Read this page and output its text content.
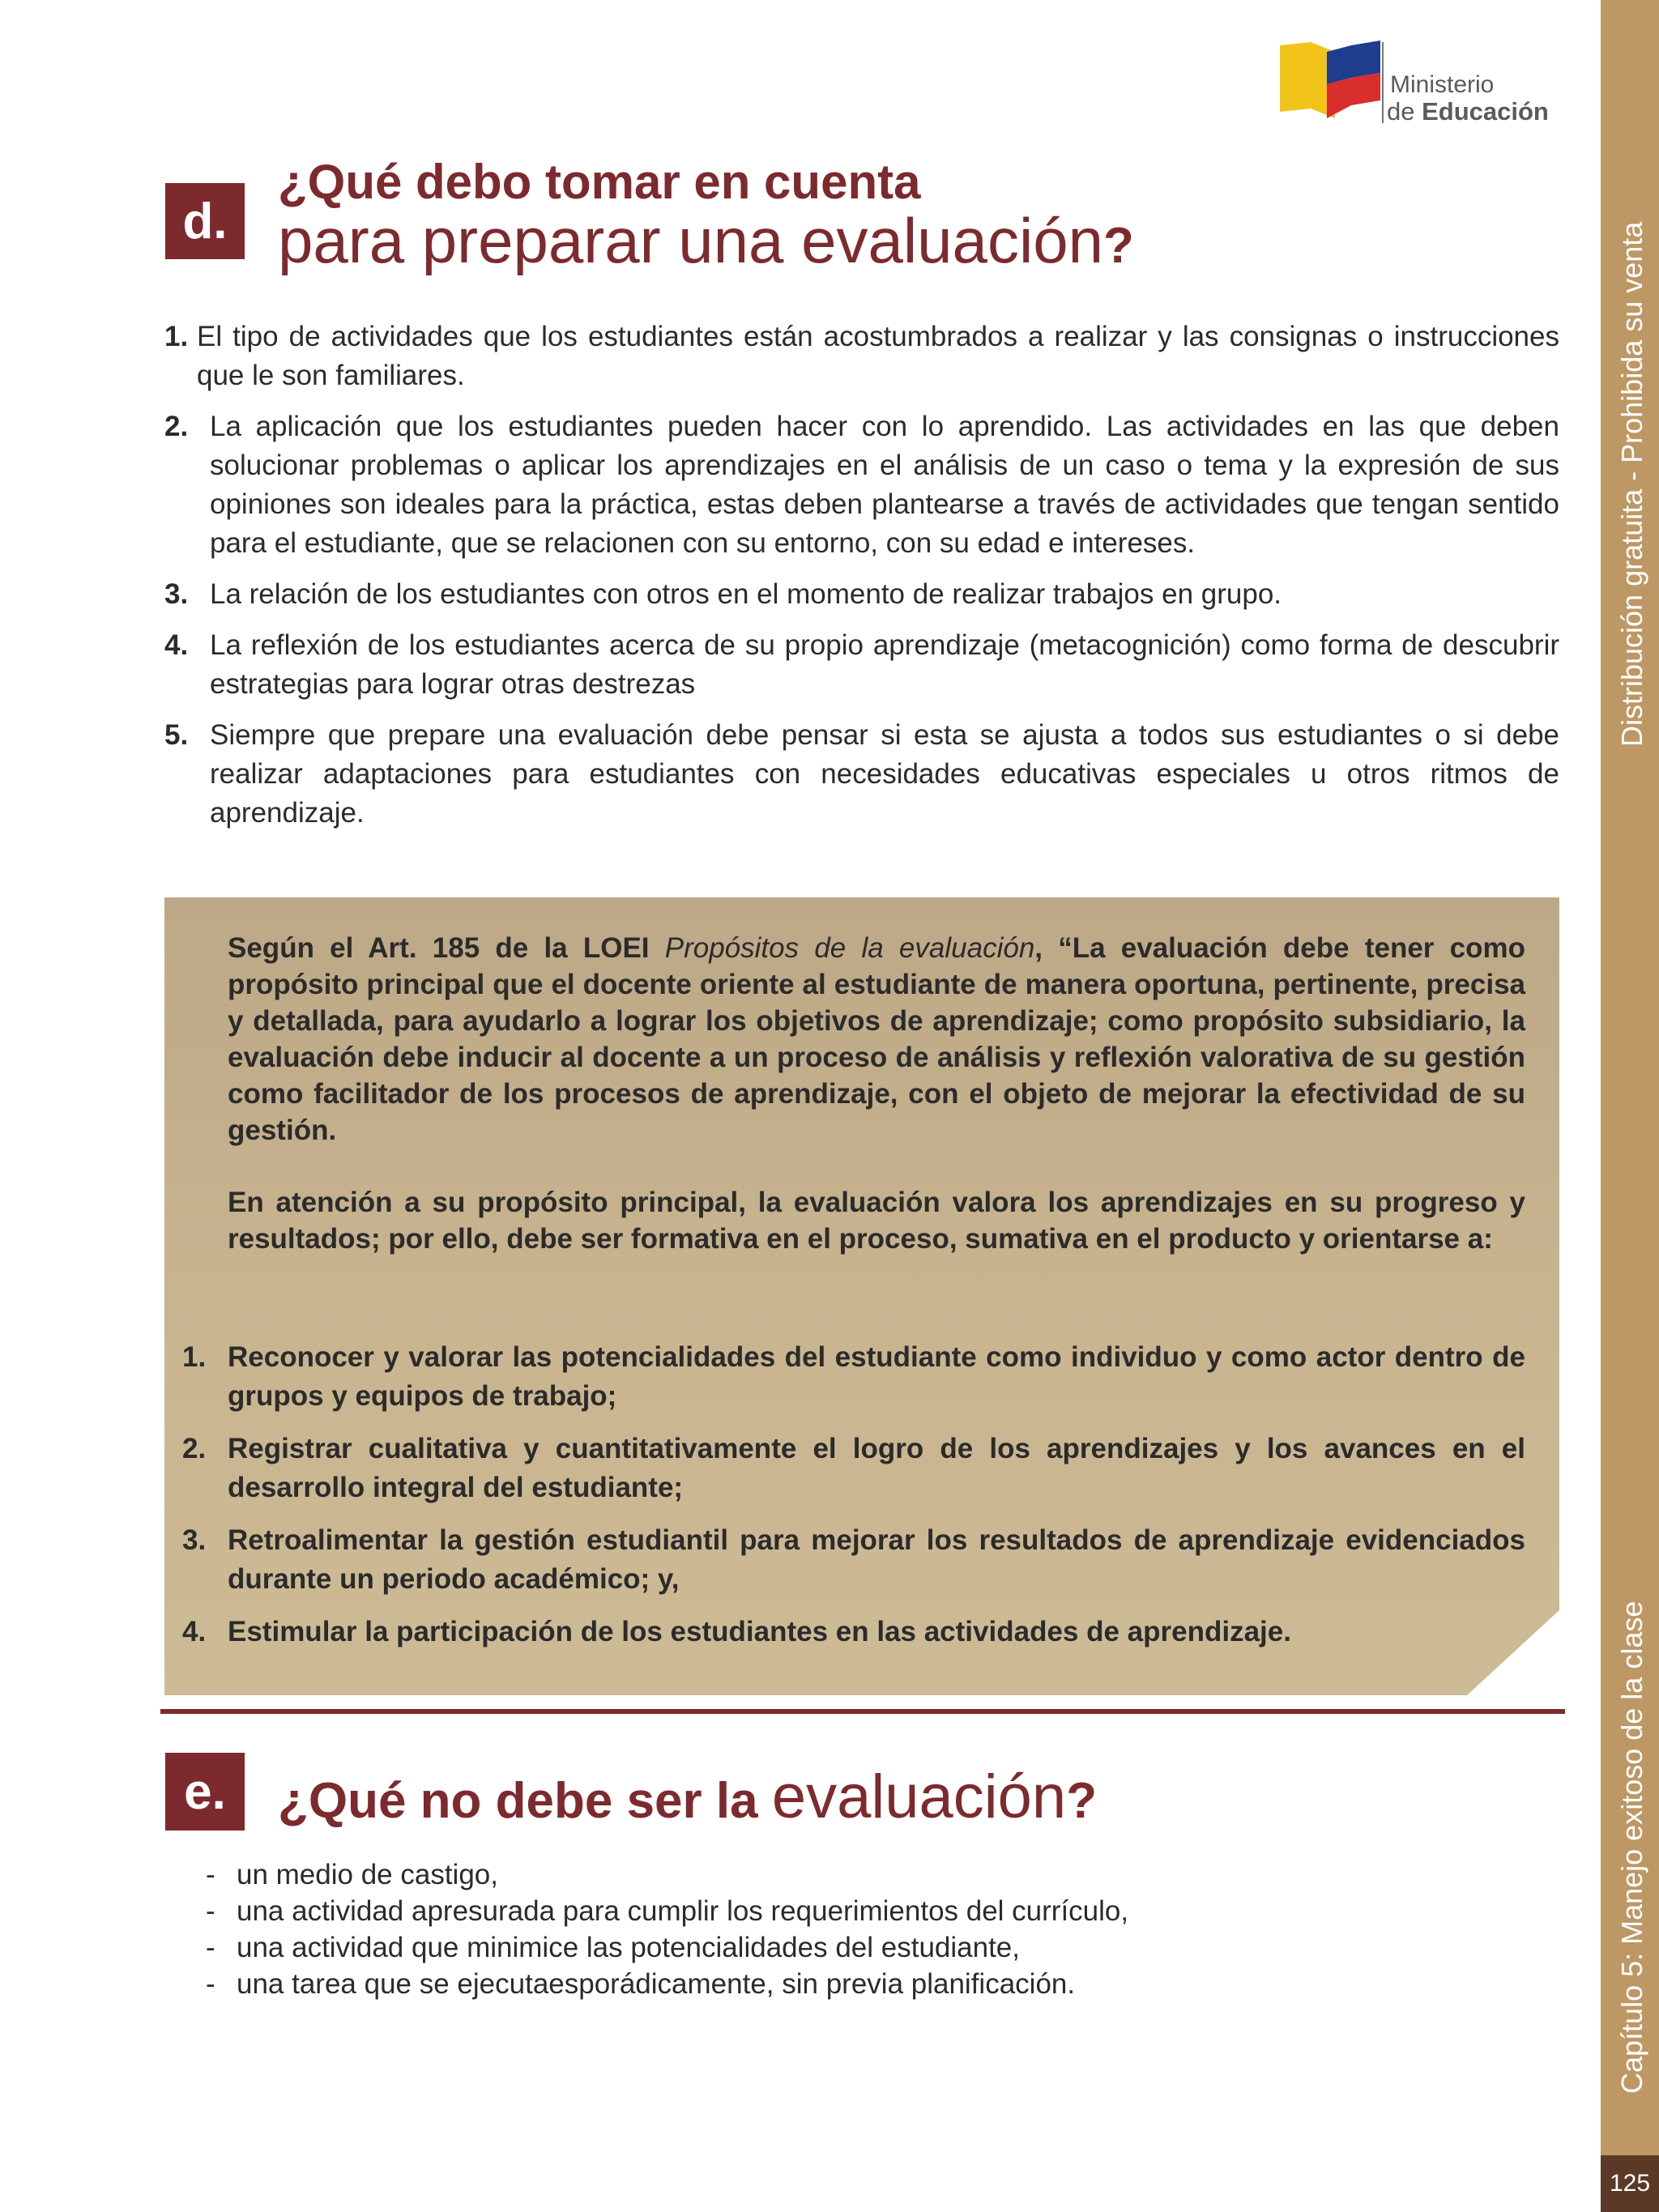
Distribución gratuita - Prohibida su venta
Capítulo 5: Manejo exitoso de la clase
125
Ministerio
de Educación
d.
¿Qué debo tomar en cuenta
para preparar una evaluación?
1. El tipo de actividades que los estudiantes están acostumbrados a realizar y las consignas o instrucciones que le son familiares.
2. La aplicación que los estudiantes pueden hacer con lo aprendido. Las actividades en las que deben solucionar problemas o aplicar los aprendizajes en el análisis de un caso o tema y la expresión de sus opiniones son ideales para la práctica, estas deben plantearse a través de actividades que tengan sentido para el estudiante, que se relacionen con su entorno, con su edad e intereses.
3. La relación de los estudiantes con otros en el momento de realizar trabajos en grupo.
4. La reflexión de los estudiantes acerca de su propio aprendizaje (metacognición) como forma de descubrir estrategias para lograr otras destrezas
5. Siempre que prepare una evaluación debe pensar si esta se ajusta a todos sus estudiantes o si debe realizar adaptaciones para estudiantes con necesidades educativas especiales u otros ritmos de aprendizaje.

Según el Art. 185 de la LOEI Propósitos de la evaluación, “La evaluación debe tener como propósito principal que el docente oriente al estudiante de manera oportuna, pertinente, precisa y detallada, para ayudarlo a lograr los objetivos de aprendizaje; como propósito subsidiario, la evaluación debe inducir al docente a un proceso de análisis y reflexión valorativa de su gestión como facilitador de los procesos de aprendizaje, con el objeto de mejorar la efectividad de su gestión.

En atención a su propósito principal, la evaluación valora los aprendizajes en su progreso y resultados; por ello, debe ser formativa en el proceso, sumativa en el producto y orientarse a:

1. Reconocer y valorar las potencialidades del estudiante como individuo y como actor dentro de grupos y equipos de trabajo;
2. Registrar cualitativa y cuantitativamente el logro de los aprendizajes y los avances en el desarrollo integral del estudiante;
3. Retroalimentar la gestión estudiantil para mejorar los resultados de aprendizaje evidenciados durante un periodo académico; y,
4. Estimular la participación de los estudiantes en las actividades de aprendizaje.
e.	¿Qué no debe ser la evaluación?
- un medio de castigo,
- una actividad apresurada para cumplir los requerimientos del currículo,
- una actividad que minimice las potencialidades del estudiante,
- una tarea que se ejecutaesporádicamente, sin previa planificación.
